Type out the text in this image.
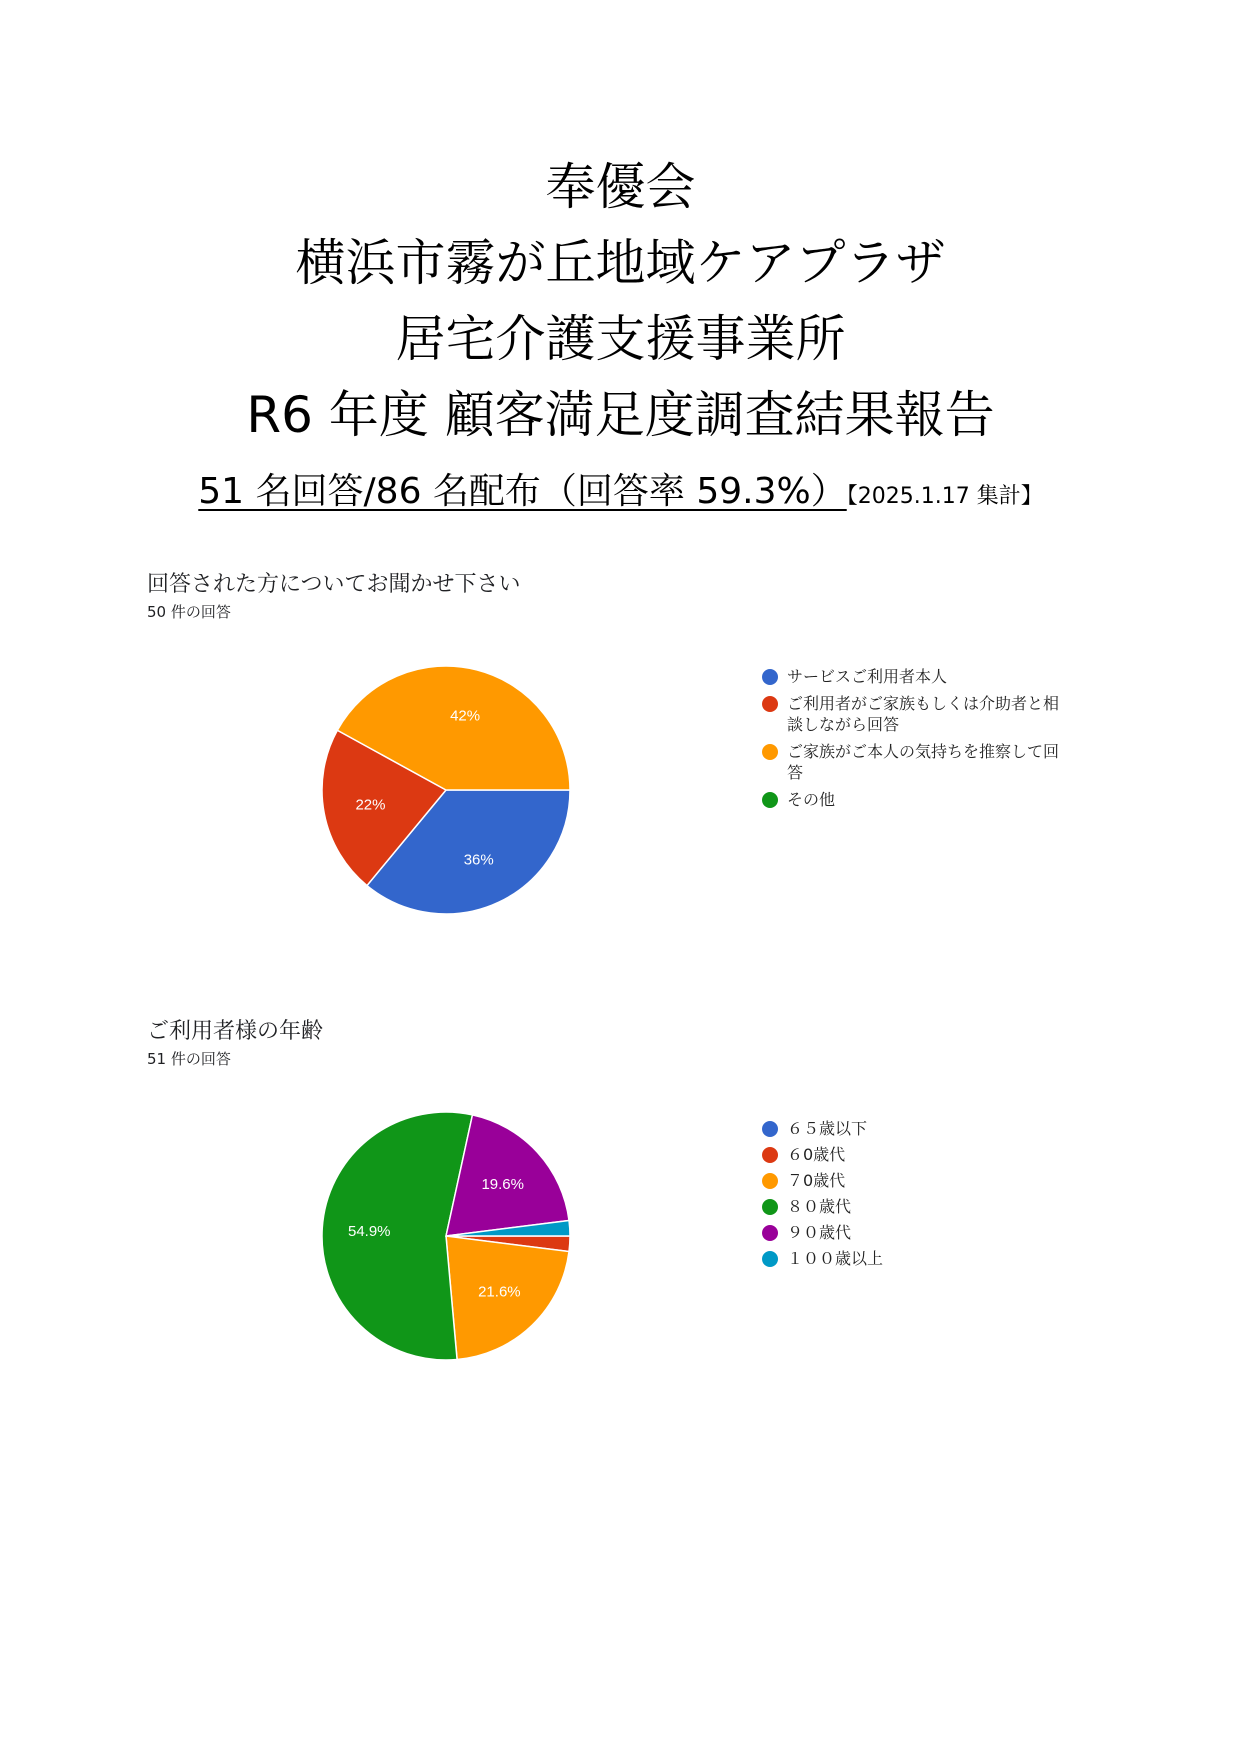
奉優会
横浜市霧が丘地域ケアプラザ
居宅介護支援事業所
R6 年度 顧客満足度調査結果報告
51 名回答/86 名配布（回答率 59.3%）【2025.1.17 集計】
回答された方についてお聞かせ下さい
50 件の回答
36%
22%
42%
サービスご利用者本人
ご利用者がご家族もしくは介助者と相談しながら回答
ご家族がご本人の気持ちを推察して回答
その他
ご利用者様の年齢
51 件の回答
21.6%
54.9%
19.6%
６５歳以下
６0歳代
７0歳代
８０歳代
９０歳代
１００歳以上
